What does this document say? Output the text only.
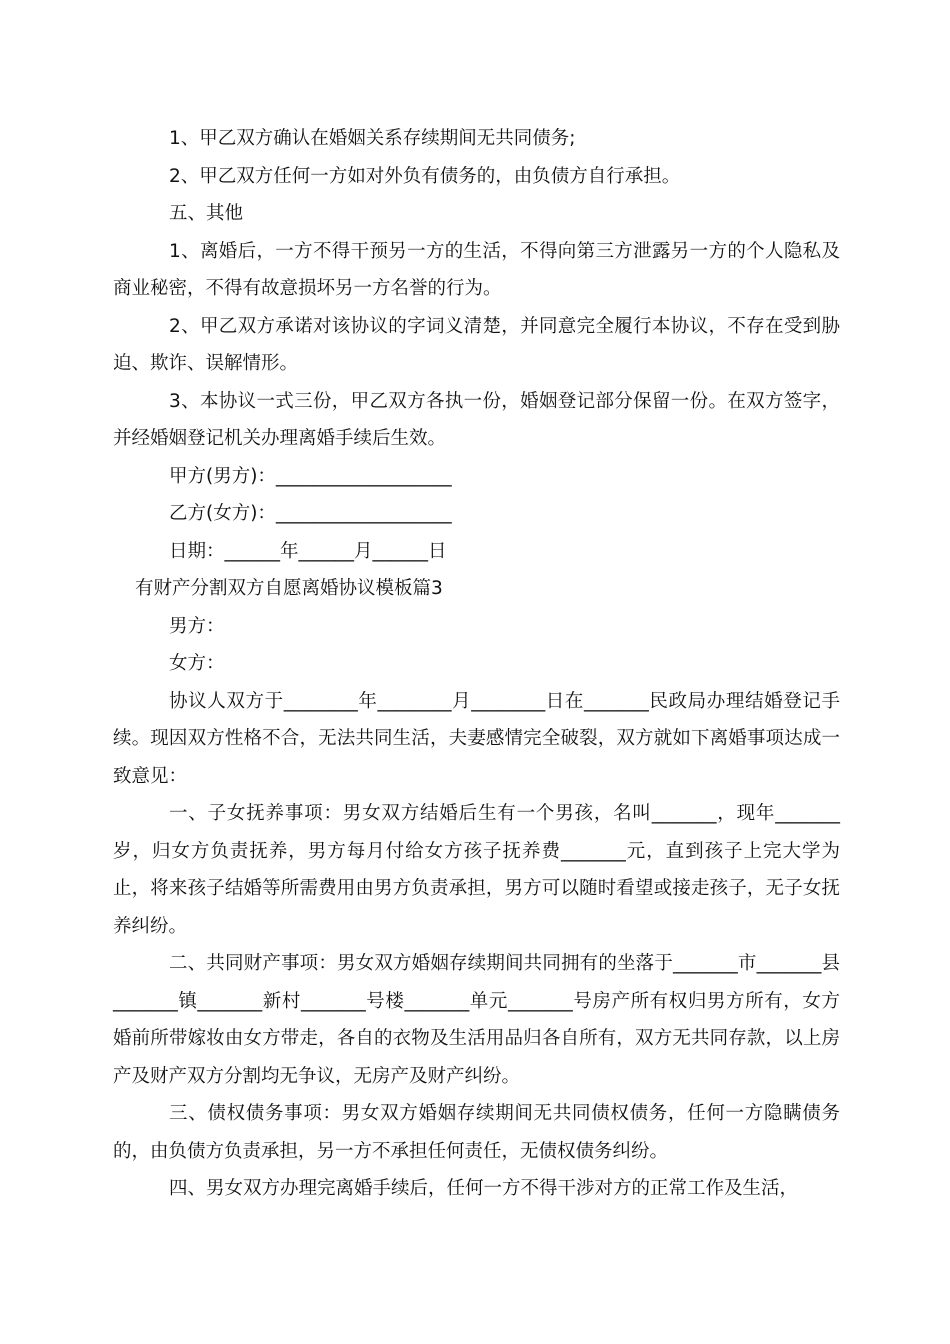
1、甲乙双方确认在婚姻关系存续期间无共同债务;

2、甲乙双方任何一方如对外负有债务的，由负债方自行承担。

五、其他

1、离婚后，一方不得干预另一方的生活，不得向第三方泄露另一方的个人隐私及商业秘密，不得有故意损坏另一方名誉的行为。

2、甲乙双方承诺对该协议的字词义清楚，并同意完全履行本协议，不存在受到胁迫、欺诈、误解情形。

3、本协议一式三份，甲乙双方各执一份，婚姻登记部分保留一份。在双方签字，并经婚姻登记机关办理离婚手续后生效。

甲方(男方)：___________________

乙方(女方)：___________________

日期：______年______月______日

有财产分割双方自愿离婚协议模板篇3

男方：

女方：

协议人双方于________年________月________日在_______民政局办理结婚登记手续。现因双方性格不合，无法共同生活，夫妻感情完全破裂，双方就如下离婚事项达成一致意见：

一、子女抚养事项：男女双方结婚后生有一个男孩，名叫_______，现年_______岁，归女方负责抚养，男方每月付给女方孩子抚养费_______元，直到孩子上完大学为止，将来孩子结婚等所需费用由男方负责承担，男方可以随时看望或接走孩子，无子女抚养纠纷。

二、共同财产事项：男女双方婚姻存续期间共同拥有的坐落于_______市_______县_______镇_______新村_______号楼_______单元_______号房产所有权归男方所有，女方婚前所带嫁妆由女方带走，各自的衣物及生活用品归各自所有，双方无共同存款，以上房产及财产双方分割均无争议，无房产及财产纠纷。

三、债权债务事项：男女双方婚姻存续期间无共同债权债务，任何一方隐瞒债务的，由负债方负责承担，另一方不承担任何责任，无债权债务纠纷。

四、男女双方办理完离婚手续后，任何一方不得干涉对方的正常工作及生活，
